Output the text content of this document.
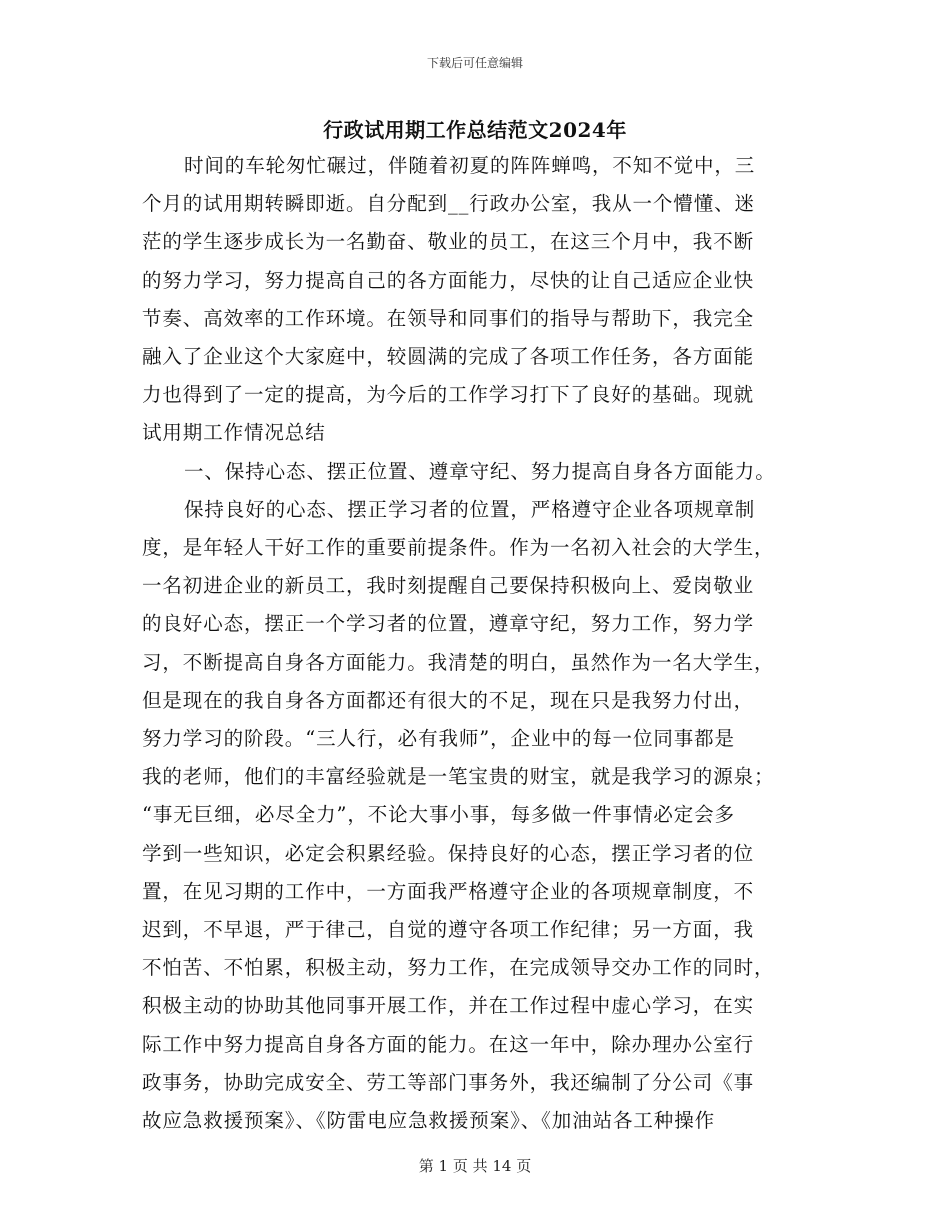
下载后可任意编辑
行政试用期工作总结范文2024年
时间的车轮匆忙碾过，伴随着初夏的阵阵蝉鸣，不知不觉中，三
个月的试用期转瞬即逝。自分配到__行政办公室，我从一个懵懂、迷
茫的学生逐步成长为一名勤奋、敬业的员工，在这三个月中，我不断
的努力学习，努力提高自己的各方面能力，尽快的让自己适应企业快
节奏、高效率的工作环境。在领导和同事们的指导与帮助下，我完全
融入了企业这个大家庭中，较圆满的完成了各项工作任务，各方面能
力也得到了一定的提高，为今后的工作学习打下了良好的基础。现就
试用期工作情况总结
一、保持心态、摆正位置、遵章守纪、努力提高自身各方面能力。
保持良好的心态、摆正学习者的位置，严格遵守企业各项规章制
度，是年轻人干好工作的重要前提条件。作为一名初入社会的大学生，
一名初进企业的新员工，我时刻提醒自己要保持积极向上、爱岗敬业
的良好心态，摆正一个学习者的位置，遵章守纪，努力工作，努力学
习，不断提高自身各方面能力。我清楚的明白，虽然作为一名大学生，
但是现在的我自身各方面都还有很大的不足，现在只是我努力付出，
努力学习的阶段。“三人行，必有我师”，企业中的每一位同事都是
我的老师，他们的丰富经验就是一笔宝贵的财宝，就是我学习的源泉；
“事无巨细，必尽全力”，不论大事小事，每多做一件事情必定会多
学到一些知识，必定会积累经验。保持良好的心态，摆正学习者的位
置，在见习期的工作中，一方面我严格遵守企业的各项规章制度，不
迟到，不早退，严于律己，自觉的遵守各项工作纪律；另一方面，我
不怕苦、不怕累，积极主动，努力工作，在完成领导交办工作的同时，
积极主动的协助其他同事开展工作，并在工作过程中虚心学习，在实
际工作中努力提高自身各方面的能力。在这一年中，除办理办公室行
政事务，协助完成安全、劳工等部门事务外，我还编制了分公司《事
故应急救援预案》、《防雷电应急救援预案》、《加油站各工种操作
第 1 页 共 14 页
